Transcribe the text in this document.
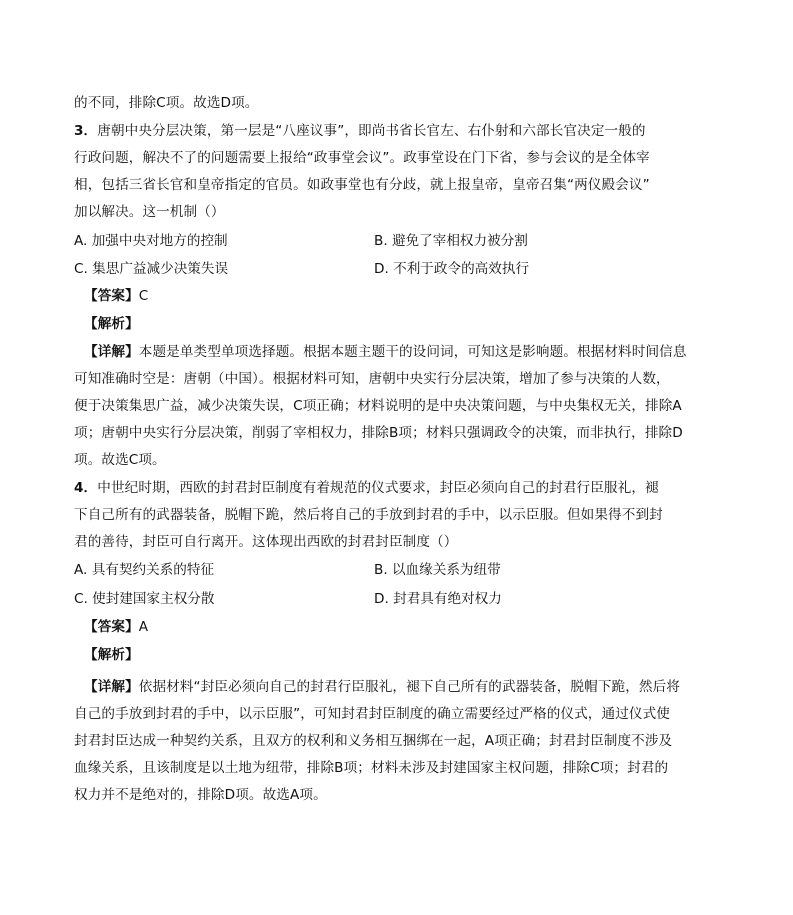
的不同，排除C项。故选D项。
3．唐朝中央分层决策，第一层是“八座议事”，即尚书省长官左、右仆射和六部长官决定一般的
行政问题，解决不了的问题需要上报给“政事堂会议”。政事堂设在门下省，参与会议的是全体宰
相，包括三省长官和皇帝指定的官员。如政事堂也有分歧，就上报皇帝，皇帝召集“两仪殿会议”
加以解决。这一机制（）
A. 加强中央对地方的控制	B. 避免了宰相权力被分割
C. 集思广益减少决策失误	D. 不利于政令的高效执行
【答案】C
【解析】
【详解】本题是单类型单项选择题。根据本题主题干的设问词，可知这是影响题。根据材料时间信息
可知准确时空是：唐朝（中国）。根据材料可知，唐朝中央实行分层决策，增加了参与决策的人数，
便于决策集思广益，减少决策失误，C项正确；材料说明的是中央决策问题，与中央集权无关，排除A
项；唐朝中央实行分层决策，削弱了宰相权力，排除B项；材料只强调政令的决策，而非执行，排除D
项。故选C项。
4．中世纪时期，西欧的封君封臣制度有着规范的仪式要求，封臣必须向自己的封君行臣服礼，褪
下自己所有的武器装备，脱帽下跪，然后将自己的手放到封君的手中，以示臣服。但如果得不到封
君的善待，封臣可自行离开。这体现出西欧的封君封臣制度（）
A. 具有契约关系的特征	B. 以血缘关系为纽带
C. 使封建国家主权分散	D. 封君具有绝对权力
【答案】A
【解析】
【详解】依据材料“封臣必须向自己的封君行臣服礼，褪下自己所有的武器装备，脱帽下跪，然后将
自己的手放到封君的手中，以示臣服”，可知封君封臣制度的确立需要经过严格的仪式，通过仪式使
封君封臣达成一种契约关系，且双方的权利和义务相互捆绑在一起，A项正确；封君封臣制度不涉及
血缘关系，且该制度是以土地为纽带，排除B项；材料未涉及封建国家主权问题，排除C项；封君的
权力并不是绝对的，排除D项。故选A项。
